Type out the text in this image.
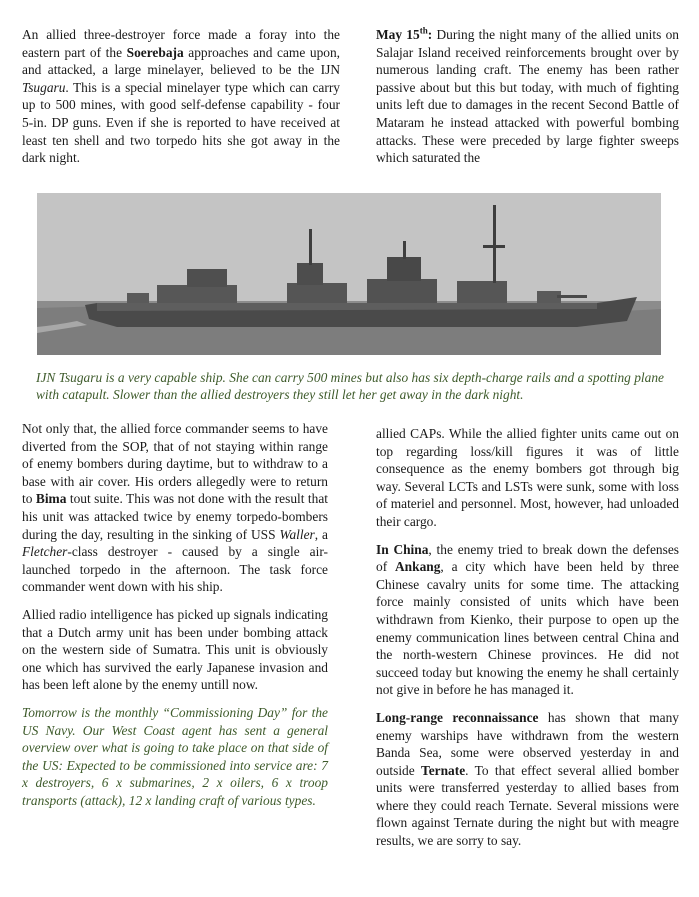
An allied three-destroyer force made a foray into the eastern part of the Soerebaja approaches and came upon, and attacked, a large minelayer, believed to be the IJN Tsugaru. This is a special minelayer type which can carry up to 500 mines, with good self-defense capability - four 5-in. DP guns. Even if she is reported to have received at least ten shell and two torpedo hits she got away in the dark night.

May 15th: During the night many of the allied units on Salajar Island received reinforcements brought over by numerous landing craft. The enemy has been rather passive about but this but today, with much of fighting units left due to damages in the recent Second Battle of Mataram he instead attacked with powerful bombing attacks. These were preceded by large fighter sweeps which saturated the

IJN Tsugaru is a very capable ship. She can carry 500 mines but also has six depth-charge rails and a spotting plane with catapult. Slower than the allied destroyers they still let her get away in the dark night.

Not only that, the allied force commander seems to have diverted from the SOP, that of not staying within range of enemy bombers during daytime, but to withdraw to a base with air cover. His orders allegedly were to return to Bima tout suite. This was not done with the result that his unit was attacked twice by enemy torpedo-bombers during the day, resulting in the sinking of USS Waller, a Fletcher-class destroyer - caused by a single air-launched torpedo in the afternoon. The task force commander went down with his ship.

Allied radio intelligence has picked up signals indicating that a Dutch army unit has been under bombing attack on the western side of Sumatra. This unit is obviously one which has survived the early Japanese invasion and has been left alone by the enemy untill now.

Tomorrow is the monthly “Commissioning Day” for the US Navy. Our West Coast agent has sent a general overview over what is going to take place on that side of the US: Expected to be commissioned into service are: 7 x destroyers, 6 x submarines, 2 x oilers, 6 x troop transports (attack), 12 x landing craft of various types.

allied CAPs. While the allied fighter units came out on top regarding loss/kill figures it was of little consequence as the enemy bombers got through big way. Several LCTs and LSTs were sunk, some with loss of materiel and personnel. Most, however, had unloaded their cargo.

In China, the enemy tried to break down the defenses of Ankang, a city which have been held by three Chinese cavalry units for some time. The attacking force mainly consisted of units which have been withdrawn from Kienko, their purpose to open up the enemy communication lines between central China and the north-western Chinese provinces. He did not succeed today but knowing the enemy he shall certainly not give in before he has managed it.

Long-range reconnaissance has shown that many enemy warships have withdrawn from the western Banda Sea, some were observed yesterday in and outside Ternate. To that effect several allied bomber units were transferred yesterday to allied bases from where they could reach Ternate. Several missions were flown against Ternate during the night but with meagre results, we are sorry to say.
